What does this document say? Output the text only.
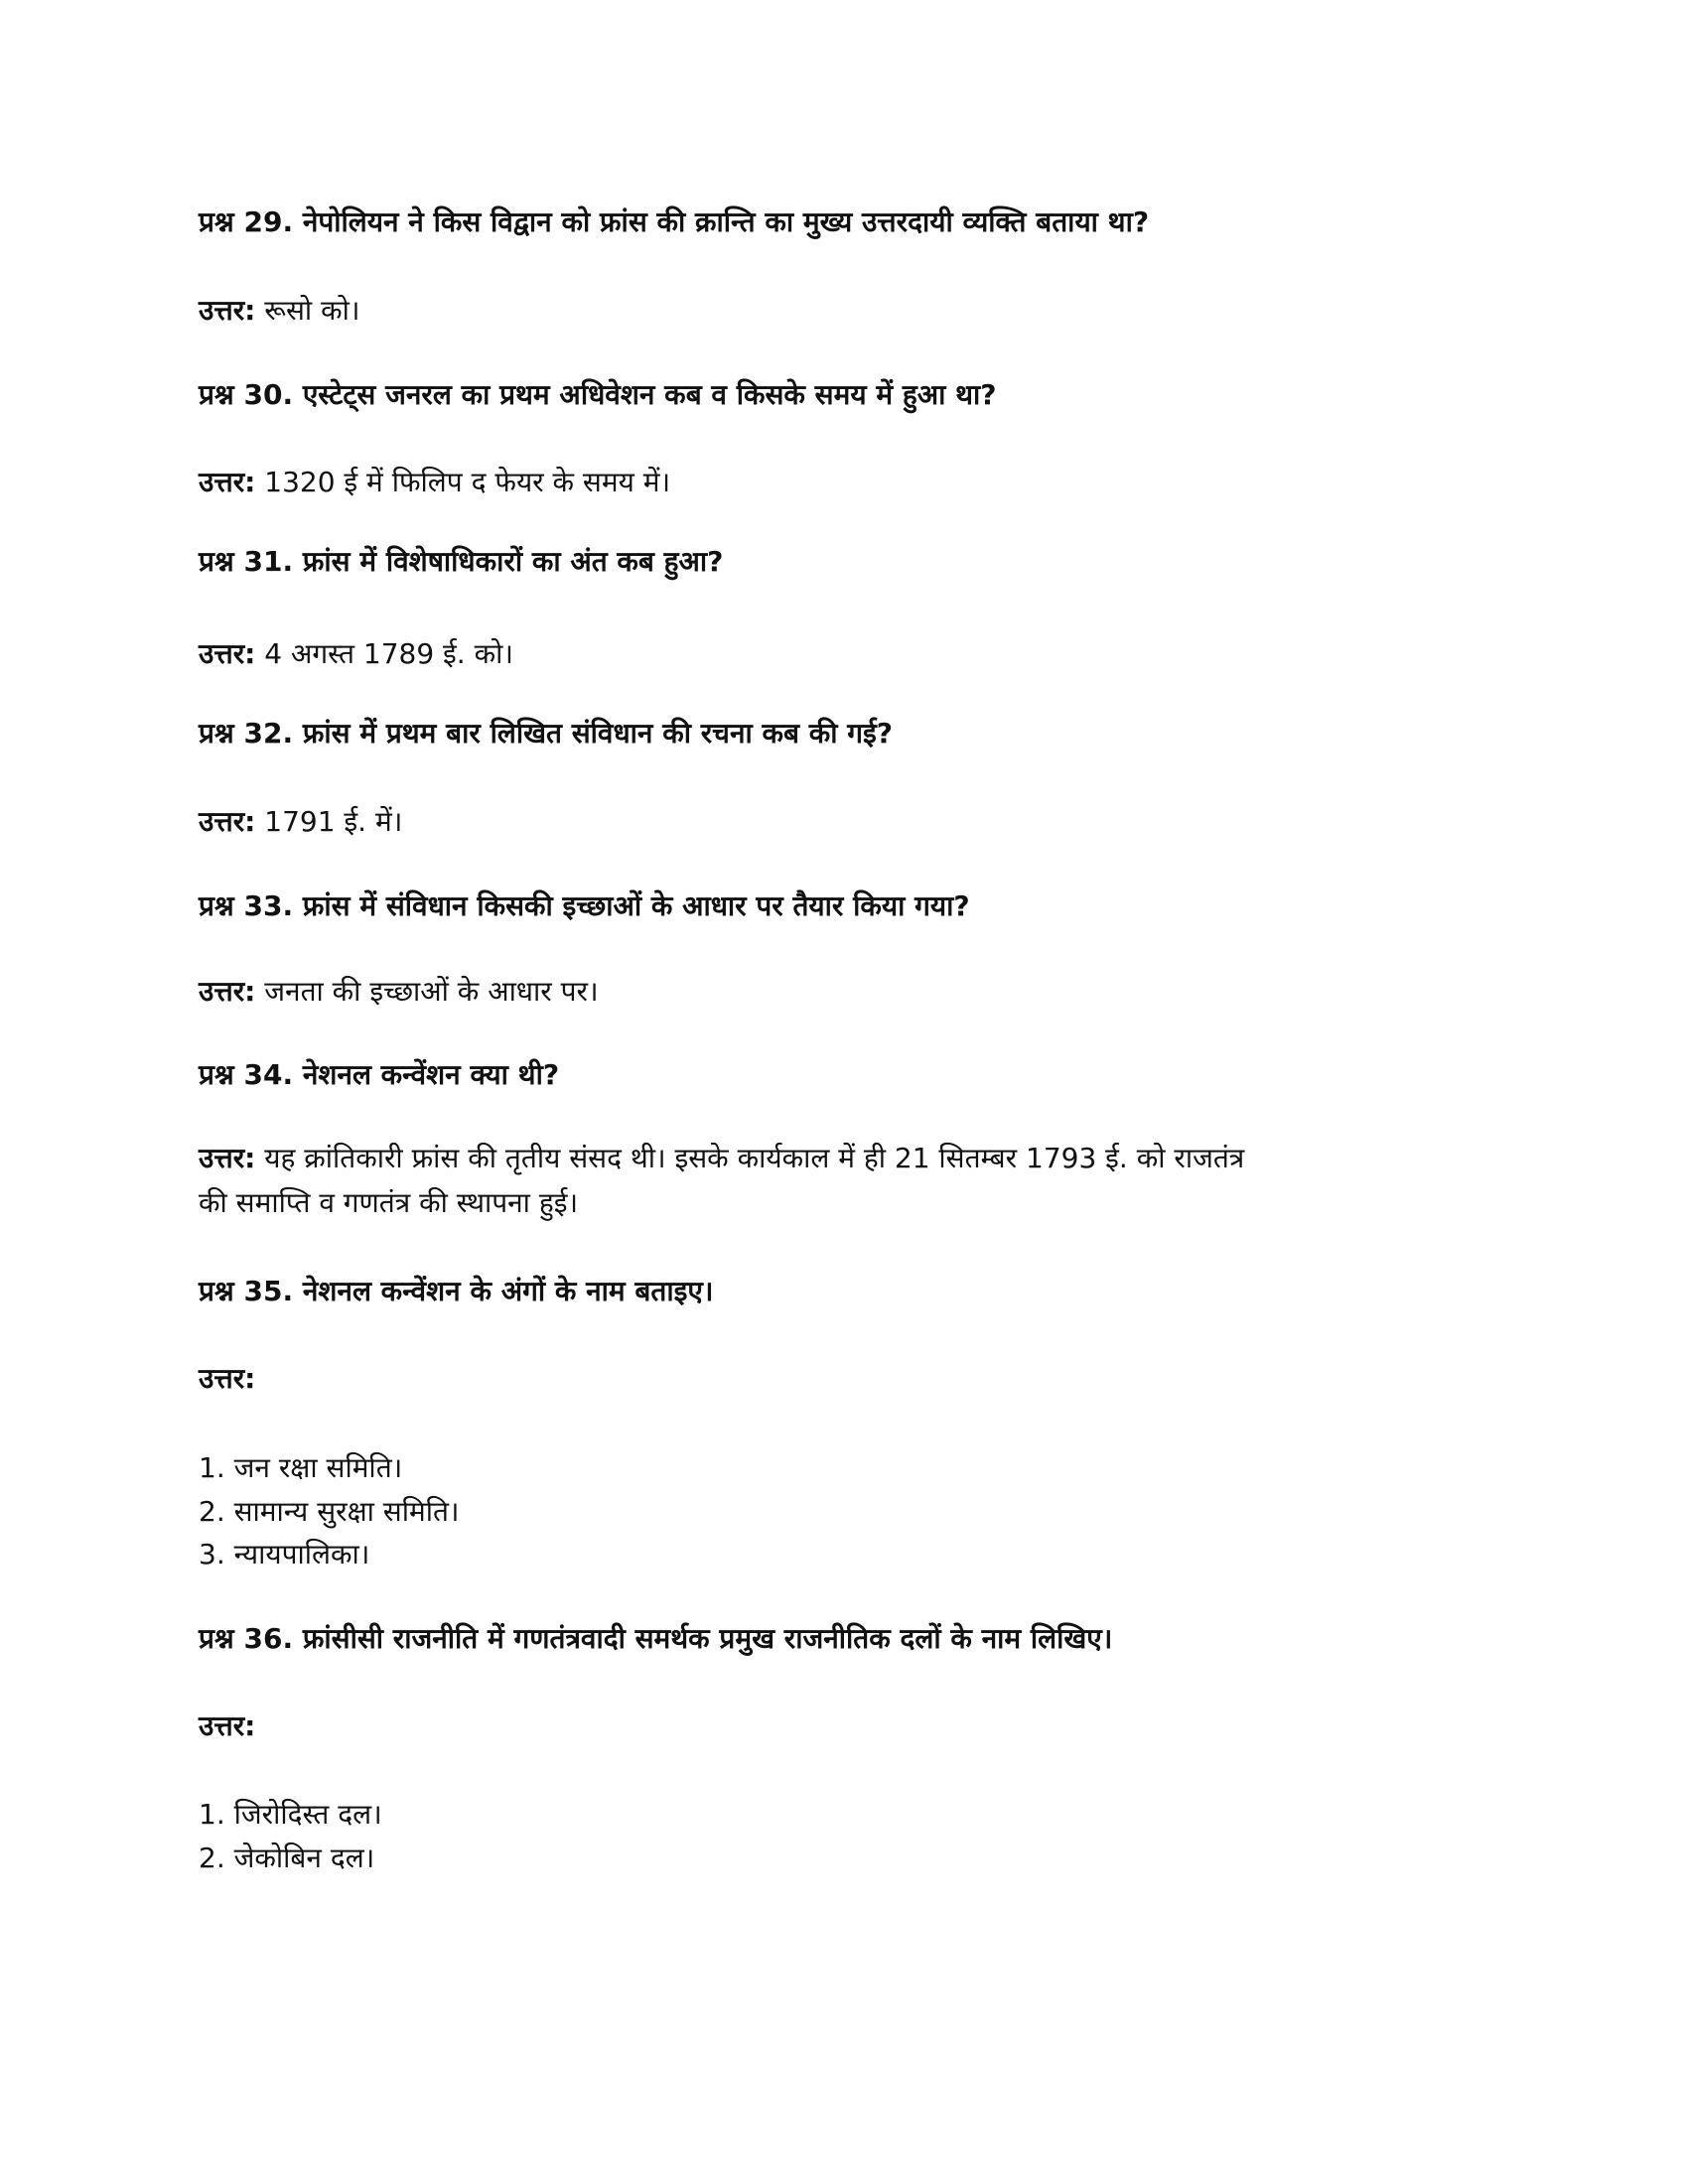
प्रश्न 29. नेपोलियन ने किस विद्वान को फ्रांस की क्रान्ति का मुख्य उत्तरदायी व्यक्ति बताया था?
उत्तर: रूसो को।
प्रश्न 30. एस्टेट्स जनरल का प्रथम अधिवेशन कब व किसके समय में हुआ था?
उत्तर: 1320 ई में फिलिप द फेयर के समय में।
प्रश्न 31. फ्रांस में विशेषाधिकारों का अंत कब हुआ?
उत्तर: 4 अगस्त 1789 ई. को।
प्रश्न 32. फ्रांस में प्रथम बार लिखित संविधान की रचना कब की गई?
उत्तर: 1791 ई. में।
प्रश्न 33. फ्रांस में संविधान किसकी इच्छाओं के आधार पर तैयार किया गया?
उत्तर: जनता की इच्छाओं के आधार पर।
प्रश्न 34. नेशनल कन्वेंशन क्या थी?
उत्तर: यह क्रांतिकारी फ्रांस की तृतीय संसद थी। इसके कार्यकाल में ही 21 सितम्बर 1793 ई. को राजतंत्र
की समाप्ति व गणतंत्र की स्थापना हुई।
प्रश्न 35. नेशनल कन्वेंशन के अंगों के नाम बताइए।
उत्तर:
1. जन रक्षा समिति।
2. सामान्य सुरक्षा समिति।
3. न्यायपालिका।
प्रश्न 36. फ्रांसीसी राजनीति में गणतंत्रवादी समर्थक प्रमुख राजनीतिक दलों के नाम लिखिए।
उत्तर:
1. जिरोदिस्त दल।
2. जेकोबिन दल।
